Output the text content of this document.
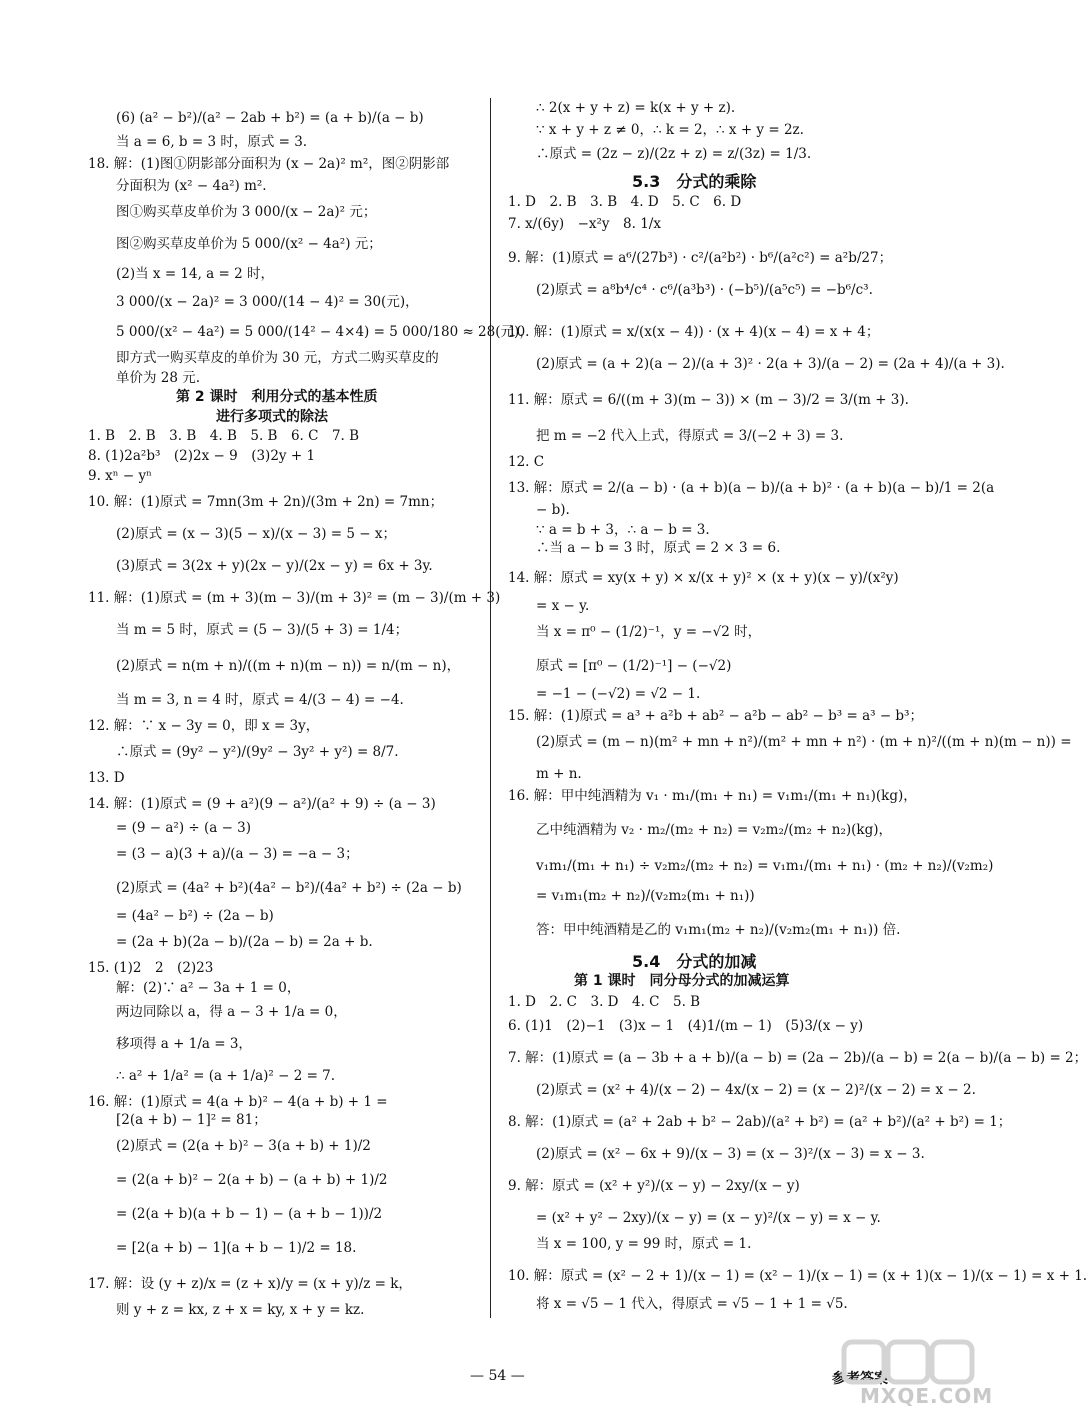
(6) (a² − b²)/(a² − 2ab + b²) = (a + b)/(a − b)
当 a = 6, b = 3 时，原式 = 3.
18. 解：(1)图①阴影部分面积为 (x − 2a)² m²，图②阴影部
分面积为 (x² − 4a²) m².
图①购买草皮单价为 3 000/(x − 2a)² 元；
图②购买草皮单价为 5 000/(x² − 4a²) 元；
(2)当 x = 14, a = 2 时，
3 000/(x − 2a)² = 3 000/(14 − 4)² = 30(元)，
5 000/(x² − 4a²) = 5 000/(14² − 4×4) = 5 000/180 ≈ 28(元)，
即方式一购买草皮的单价为 30 元，方式二购买草皮的
单价为 28 元.
第 2 课时　利用分式的基本性质
进行多项式的除法
1. B　2. B　3. B　4. B　5. B　6. C　7. B
8. (1)2a²b³　(2)2x − 9　(3)2y + 1
9. xⁿ − yⁿ
10. 解：(1)原式 = 7mn(3m + 2n)/(3m + 2n) = 7mn；
(2)原式 = (x − 3)(5 − x)/(x − 3) = 5 − x；
(3)原式 = 3(2x + y)(2x − y)/(2x − y) = 6x + 3y.
11. 解：(1)原式 = (m + 3)(m − 3)/(m + 3)² = (m − 3)/(m + 3)
当 m = 5 时，原式 = (5 − 3)/(5 + 3) = 1/4；
(2)原式 = n(m + n)/((m + n)(m − n)) = n/(m − n)，
当 m = 3, n = 4 时，原式 = 4/(3 − 4) = −4.
12. 解：∵ x − 3y = 0，即 x = 3y，
∴原式 = (9y² − y²)/(9y² − 3y² + y²) = 8/7.
13. D
14. 解：(1)原式 = (9 + a²)(9 − a²)/(a² + 9) ÷ (a − 3)
= (9 − a²) ÷ (a − 3)
= (3 − a)(3 + a)/(a − 3) = −a − 3；
(2)原式 = (4a² + b²)(4a² − b²)/(4a² + b²) ÷ (2a − b)
= (4a² − b²) ÷ (2a − b)
= (2a + b)(2a − b)/(2a − b) = 2a + b.
15. (1)2　2　(2)23
解：(2)∵ a² − 3a + 1 = 0，
两边同除以 a，得 a − 3 + 1/a = 0，
移项得 a + 1/a = 3，
∴ a² + 1/a² = (a + 1/a)² − 2 = 7.
16. 解：(1)原式 = 4(a + b)² − 4(a + b) + 1 =
[2(a + b) − 1]² = 81；
(2)原式 = (2(a + b)² − 3(a + b) + 1)/2
= (2(a + b)² − 2(a + b) − (a + b) + 1)/2
= (2(a + b)(a + b − 1) − (a + b − 1))/2
= [2(a + b) − 1](a + b − 1)/2 = 18.
17. 解：设 (y + z)/x = (z + x)/y = (x + y)/z = k，
则 y + z = kx, z + x = ky, x + y = kz.
∴ 2(x + y + z) = k(x + y + z).
∵ x + y + z ≠ 0，∴ k = 2，∴ x + y = 2z.
∴原式 = (2z − z)/(2z + z) = z/(3z) = 1/3.
5.3　分式的乘除
1. D　2. B　3. B　4. D　5. C　6. D
7. x/(6y)　−x²y　8. 1/x
9. 解：(1)原式 = a⁶/(27b³) · c²/(a²b²) · b⁶/(a²c²) = a²b/27；
(2)原式 = a⁸b⁴/c⁴ · c⁶/(a³b³) · (−b⁵)/(a⁵c⁵) = −b⁶/c³.
10. 解：(1)原式 = x/(x(x − 4)) · (x + 4)(x − 4) = x + 4；
(2)原式 = (a + 2)(a − 2)/(a + 3)² · 2(a + 3)/(a − 2) = (2a + 4)/(a + 3).
11. 解：原式 = 6/((m + 3)(m − 3)) × (m − 3)/2 = 3/(m + 3).
把 m = −2 代入上式，得原式 = 3/(−2 + 3) = 3.
12. C
13. 解：原式 = 2/(a − b) · (a + b)(a − b)/(a + b)² · (a + b)(a − b)/1 = 2(a
− b).
∵ a = b + 3，∴ a − b = 3.
∴当 a − b = 3 时，原式 = 2 × 3 = 6.
14. 解：原式 = xy(x + y) × x/(x + y)² × (x + y)(x − y)/(x²y)
= x − y.
当 x = π⁰ − (1/2)⁻¹，y = −√2 时，
原式 = [π⁰ − (1/2)⁻¹] − (−√2)
= −1 − (−√2) = √2 − 1.
15. 解：(1)原式 = a³ + a²b + ab² − a²b − ab² − b³ = a³ − b³；
(2)原式 = (m − n)(m² + mn + n²)/(m² + mn + n²) · (m + n)²/((m + n)(m − n)) =
m + n.
16. 解：甲中纯酒精为 v₁ · m₁/(m₁ + n₁) = v₁m₁/(m₁ + n₁)(kg)，
乙中纯酒精为 v₂ · m₂/(m₂ + n₂) = v₂m₂/(m₂ + n₂)(kg)，
v₁m₁/(m₁ + n₁) ÷ v₂m₂/(m₂ + n₂) = v₁m₁/(m₁ + n₁) · (m₂ + n₂)/(v₂m₂)
= v₁m₁(m₂ + n₂)/(v₂m₂(m₁ + n₁))
答：甲中纯酒精是乙的 v₁m₁(m₂ + n₂)/(v₂m₂(m₁ + n₁)) 倍.
5.4　分式的加减
第 1 课时　同分母分式的加减运算
1. D　2. C　3. D　4. C　5. B
6. (1)1　(2)−1　(3)x − 1　(4)1/(m − 1)　(5)3/(x − y)
7. 解：(1)原式 = (a − 3b + a + b)/(a − b) = (2a − 2b)/(a − b) = 2(a − b)/(a − b) = 2；
(2)原式 = (x² + 4)/(x − 2) − 4x/(x − 2) = (x − 2)²/(x − 2) = x − 2.
8. 解：(1)原式 = (a² + 2ab + b² − 2ab)/(a² + b²) = (a² + b²)/(a² + b²) = 1；
(2)原式 = (x² − 6x + 9)/(x − 3) = (x − 3)²/(x − 3) = x − 3.
9. 解：原式 = (x² + y²)/(x − y) − 2xy/(x − y)
= (x² + y² − 2xy)/(x − y) = (x − y)²/(x − y) = x − y.
当 x = 100, y = 99 时，原式 = 1.
10. 解：原式 = (x² − 2 + 1)/(x − 1) = (x² − 1)/(x − 1) = (x + 1)(x − 1)/(x − 1) = x + 1.
将 x = √5 − 1 代入，得原式 = √5 − 1 + 1 = √5.
— 54 —	参考答案
MXQE.COM
